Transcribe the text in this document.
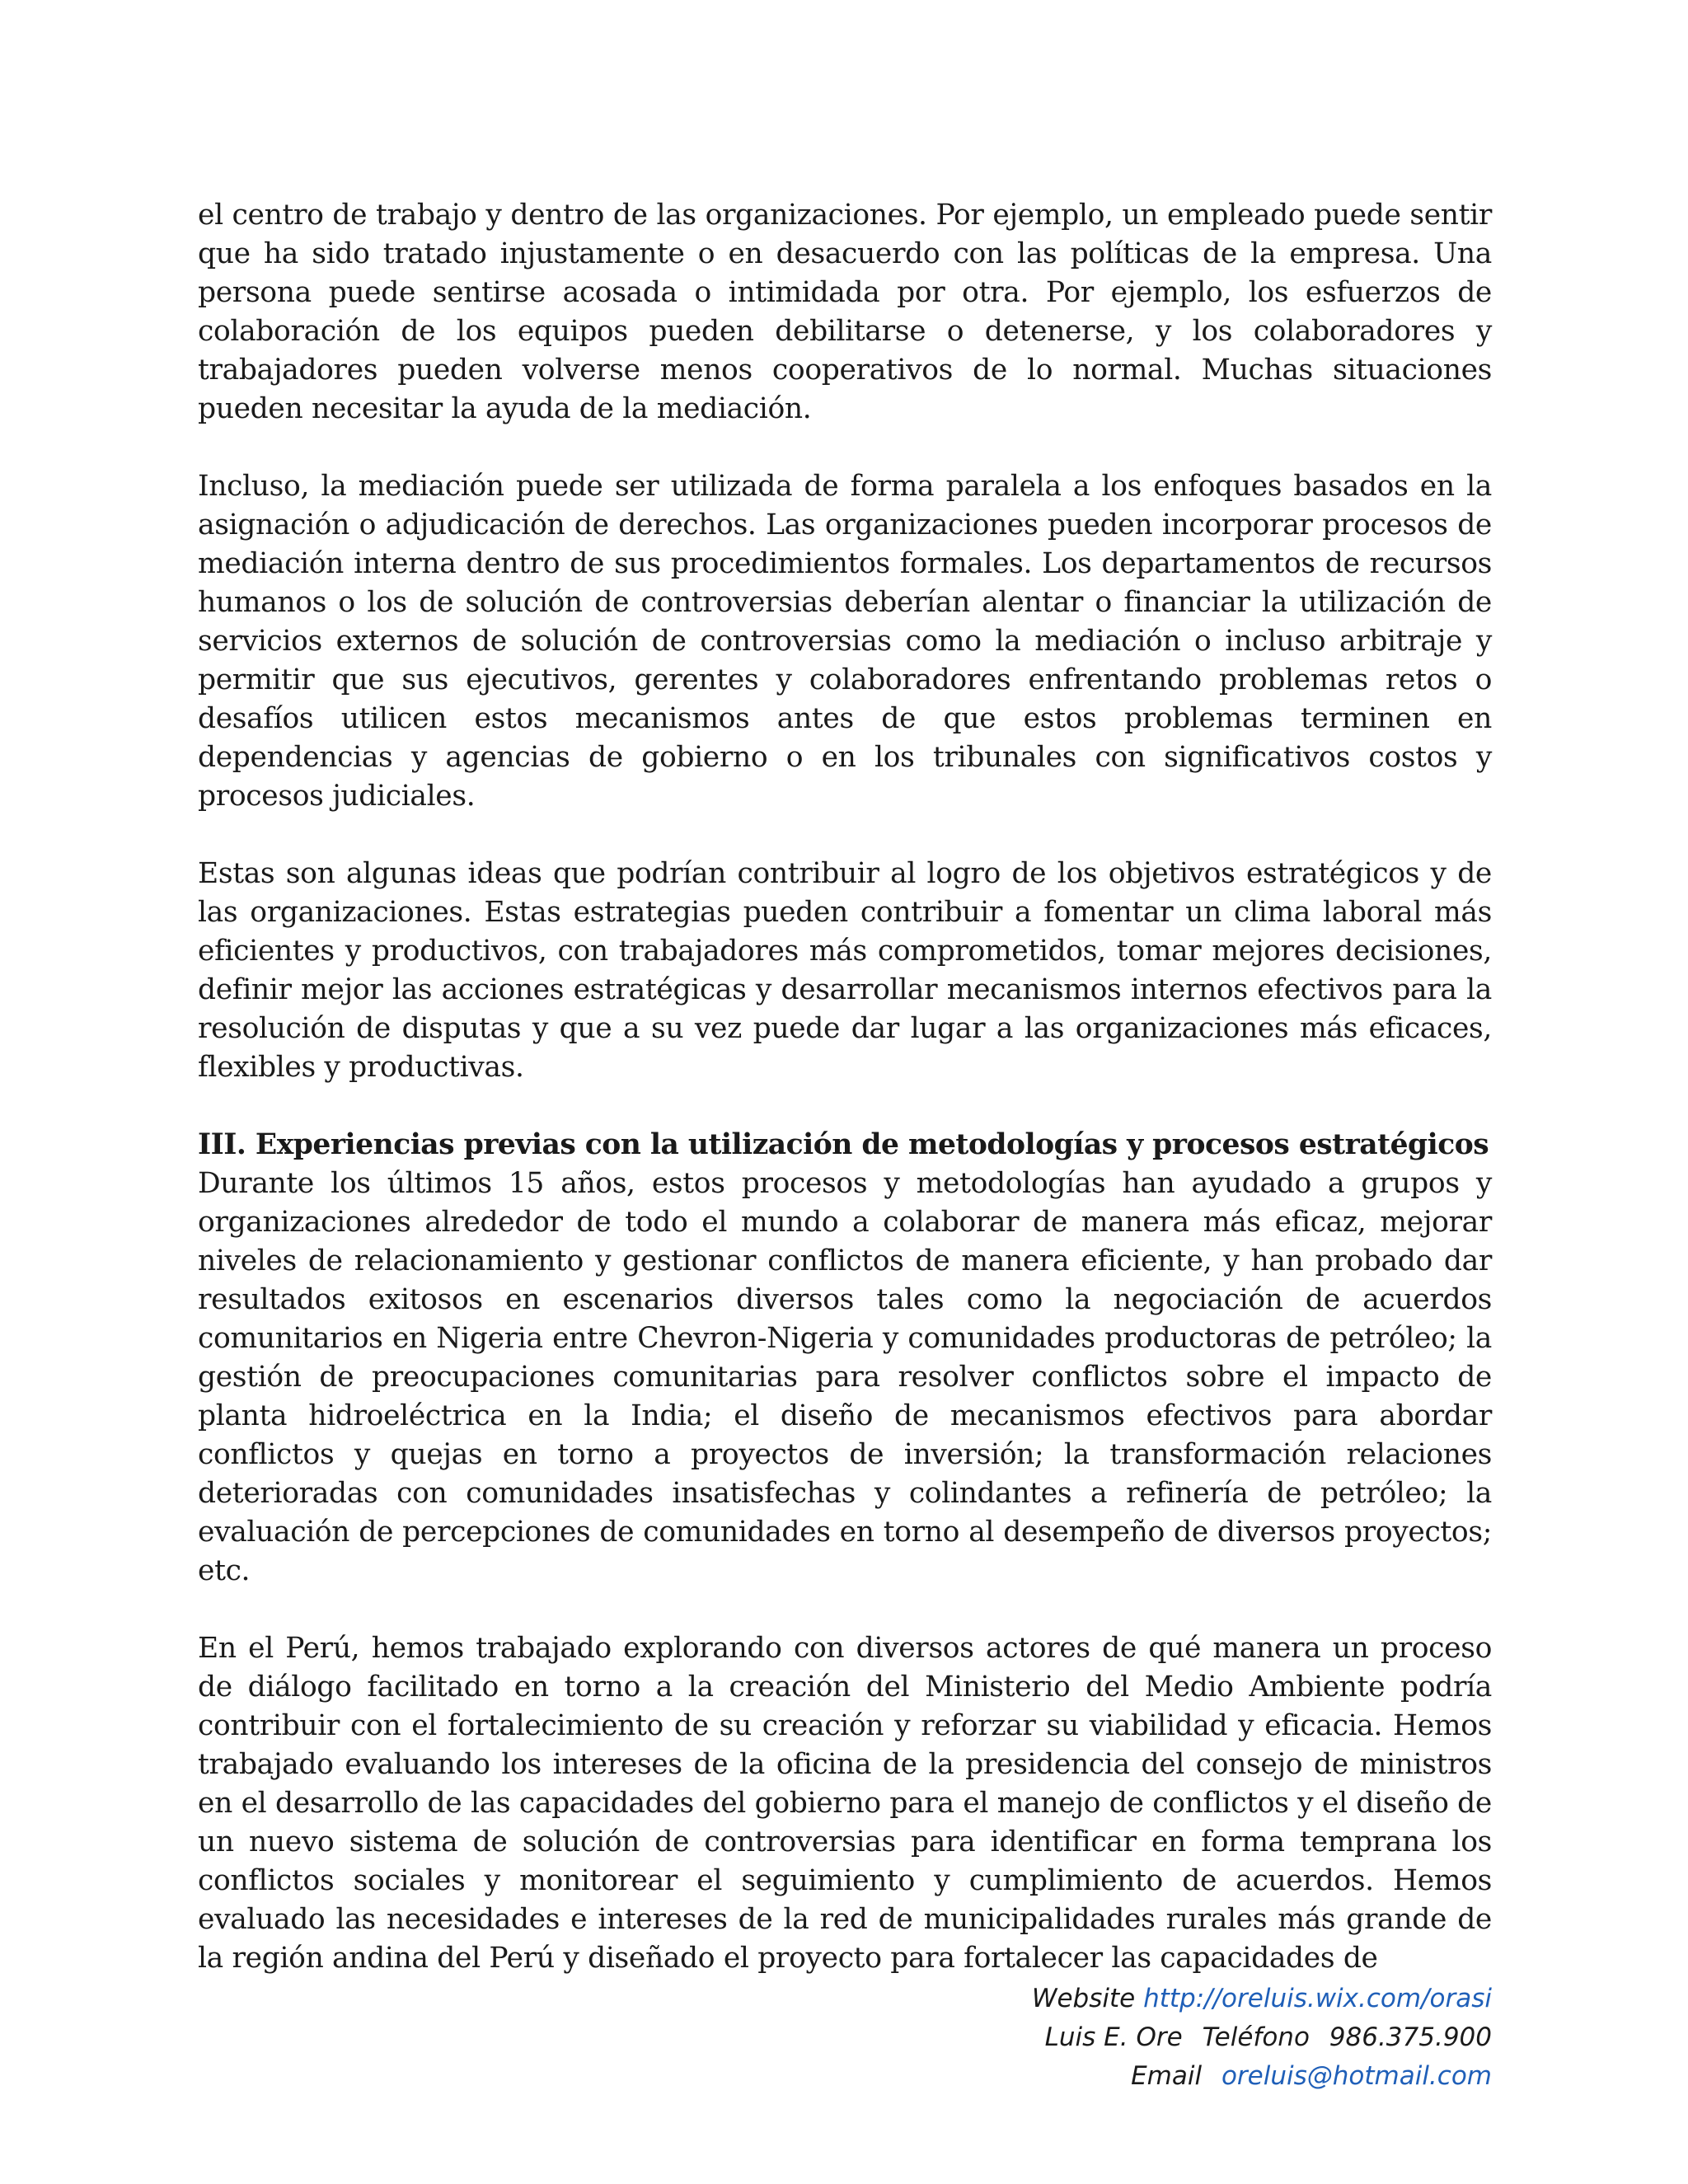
el centro de trabajo y dentro de las organizaciones. Por ejemplo, un empleado puede sentir que ha sido tratado injustamente o en desacuerdo con las políticas de la empresa. Una persona puede sentirse acosada o intimidada por otra. Por ejemplo, los esfuerzos de colaboración de los equipos pueden debilitarse o detenerse, y los colaboradores y trabajadores pueden volverse menos cooperativos de lo normal. Muchas situaciones pueden necesitar la ayuda de la mediación.

Incluso, la mediación puede ser utilizada de forma paralela a los enfoques basados en la asignación o adjudicación de derechos. Las organizaciones pueden incorporar procesos de mediación interna dentro de sus procedimientos formales. Los departamentos de recursos humanos o los de solución de controversias deberían alentar o financiar la utilización de servicios externos de solución de controversias como la mediación o incluso arbitraje y permitir que sus ejecutivos, gerentes y colaboradores enfrentando problemas retos o desafíos utilicen estos mecanismos antes de que estos problemas terminen en dependencias y agencias de gobierno o en los tribunales con significativos costos y procesos judiciales.

Estas son algunas ideas que podrían contribuir al logro de los objetivos estratégicos y de las organizaciones. Estas estrategias pueden contribuir a fomentar un clima laboral más eficientes y productivos, con trabajadores más comprometidos, tomar mejores decisiones, definir mejor las acciones estratégicas y desarrollar mecanismos internos efectivos para la resolución de disputas y que a su vez puede dar lugar a las organizaciones más eficaces, flexibles y productivas.

III. Experiencias previas con la utilización de metodologías y procesos estratégicos

Durante los últimos 15 años, estos procesos y metodologías han ayudado a grupos y organizaciones alrededor de todo el mundo a colaborar de manera más eficaz, mejorar niveles de relacionamiento y gestionar conflictos de manera eficiente, y han probado dar resultados exitosos en escenarios diversos tales como la negociación de acuerdos comunitarios en Nigeria entre Chevron-Nigeria y comunidades productoras de petróleo; la gestión de preocupaciones comunitarias para resolver conflictos sobre el impacto de planta hidroeléctrica en la India; el diseño de mecanismos efectivos para abordar conflictos y quejas en torno a proyectos de inversión; la transformación relaciones deterioradas con comunidades insatisfechas y colindantes a refinería de petróleo; la evaluación de percepciones de comunidades en torno al desempeño de diversos proyectos; etc.

En el Perú, hemos trabajado explorando con diversos actores de qué manera un proceso de diálogo facilitado en torno a la creación del Ministerio del Medio Ambiente podría contribuir con el fortalecimiento de su creación y reforzar su viabilidad y eficacia. Hemos trabajado evaluando los intereses de la oficina de la presidencia del consejo de ministros en el desarrollo de las capacidades del gobierno para el manejo de conflictos y el diseño de un nuevo sistema de solución de controversias para identificar en forma temprana los conflictos sociales y monitorear el seguimiento y cumplimiento de acuerdos. Hemos evaluado las necesidades e intereses de la red de municipalidades rurales más grande de la región andina del Perú y diseñado el proyecto para fortalecer las capacidades de

Website http://oreluis.wix.com/orasi
Luis E. Ore Teléfono 986.375.900
Email oreluis@hotmail.com
